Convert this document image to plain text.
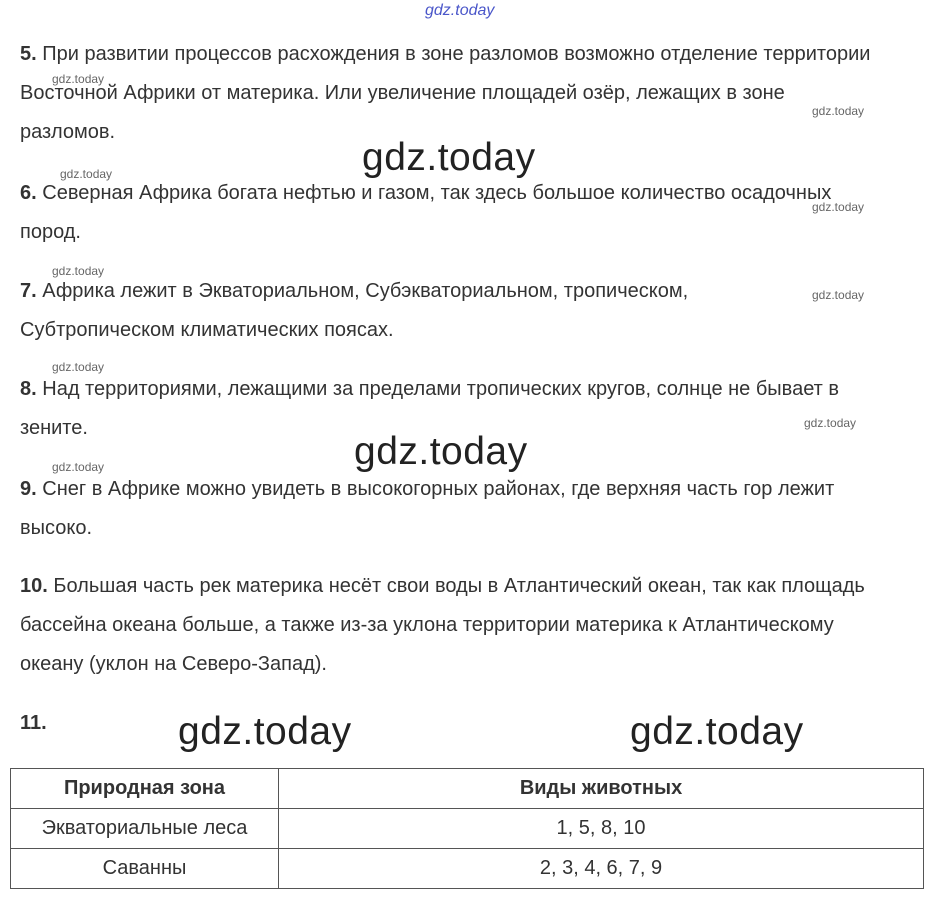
gdz.today
5. При развитии процессов расхождения в зоне разломов возможно отделение территории Восточной Африки от материка. Или увеличение площадей озёр, лежащих в зоне разломов.
6. Северная Африка богата нефтью и газом, так здесь большое количество осадочных пород.
7. Африка лежит в Экваториальном, Субэкваториальном, тропическом, Субтропическом климатических поясах.
8. Над территориями, лежащими за пределами тропических кругов, солнце не бывает в зените.
9. Снег в Африке можно увидеть в высокогорных районах, где верхняя часть гор лежит высоко.
10. Большая часть рек материка несёт свои воды в Атлантический океан, так как площадь бассейна океана больше, а также из-за уклона территории материка к Атлантическому океану (уклон на Северо-Запад).
11.
gdz.today
gdz.today
gdz.today
gdz.today
gdz.today
gdz.today
gdz.today
gdz.today
gdz.today
gdz.today
gdz.today
gdz.today	gdz.today
Природная зона	Виды животных
Экваториальные леса	1, 5, 8, 10
Саванны	2, 3, 4, 6, 7, 9
